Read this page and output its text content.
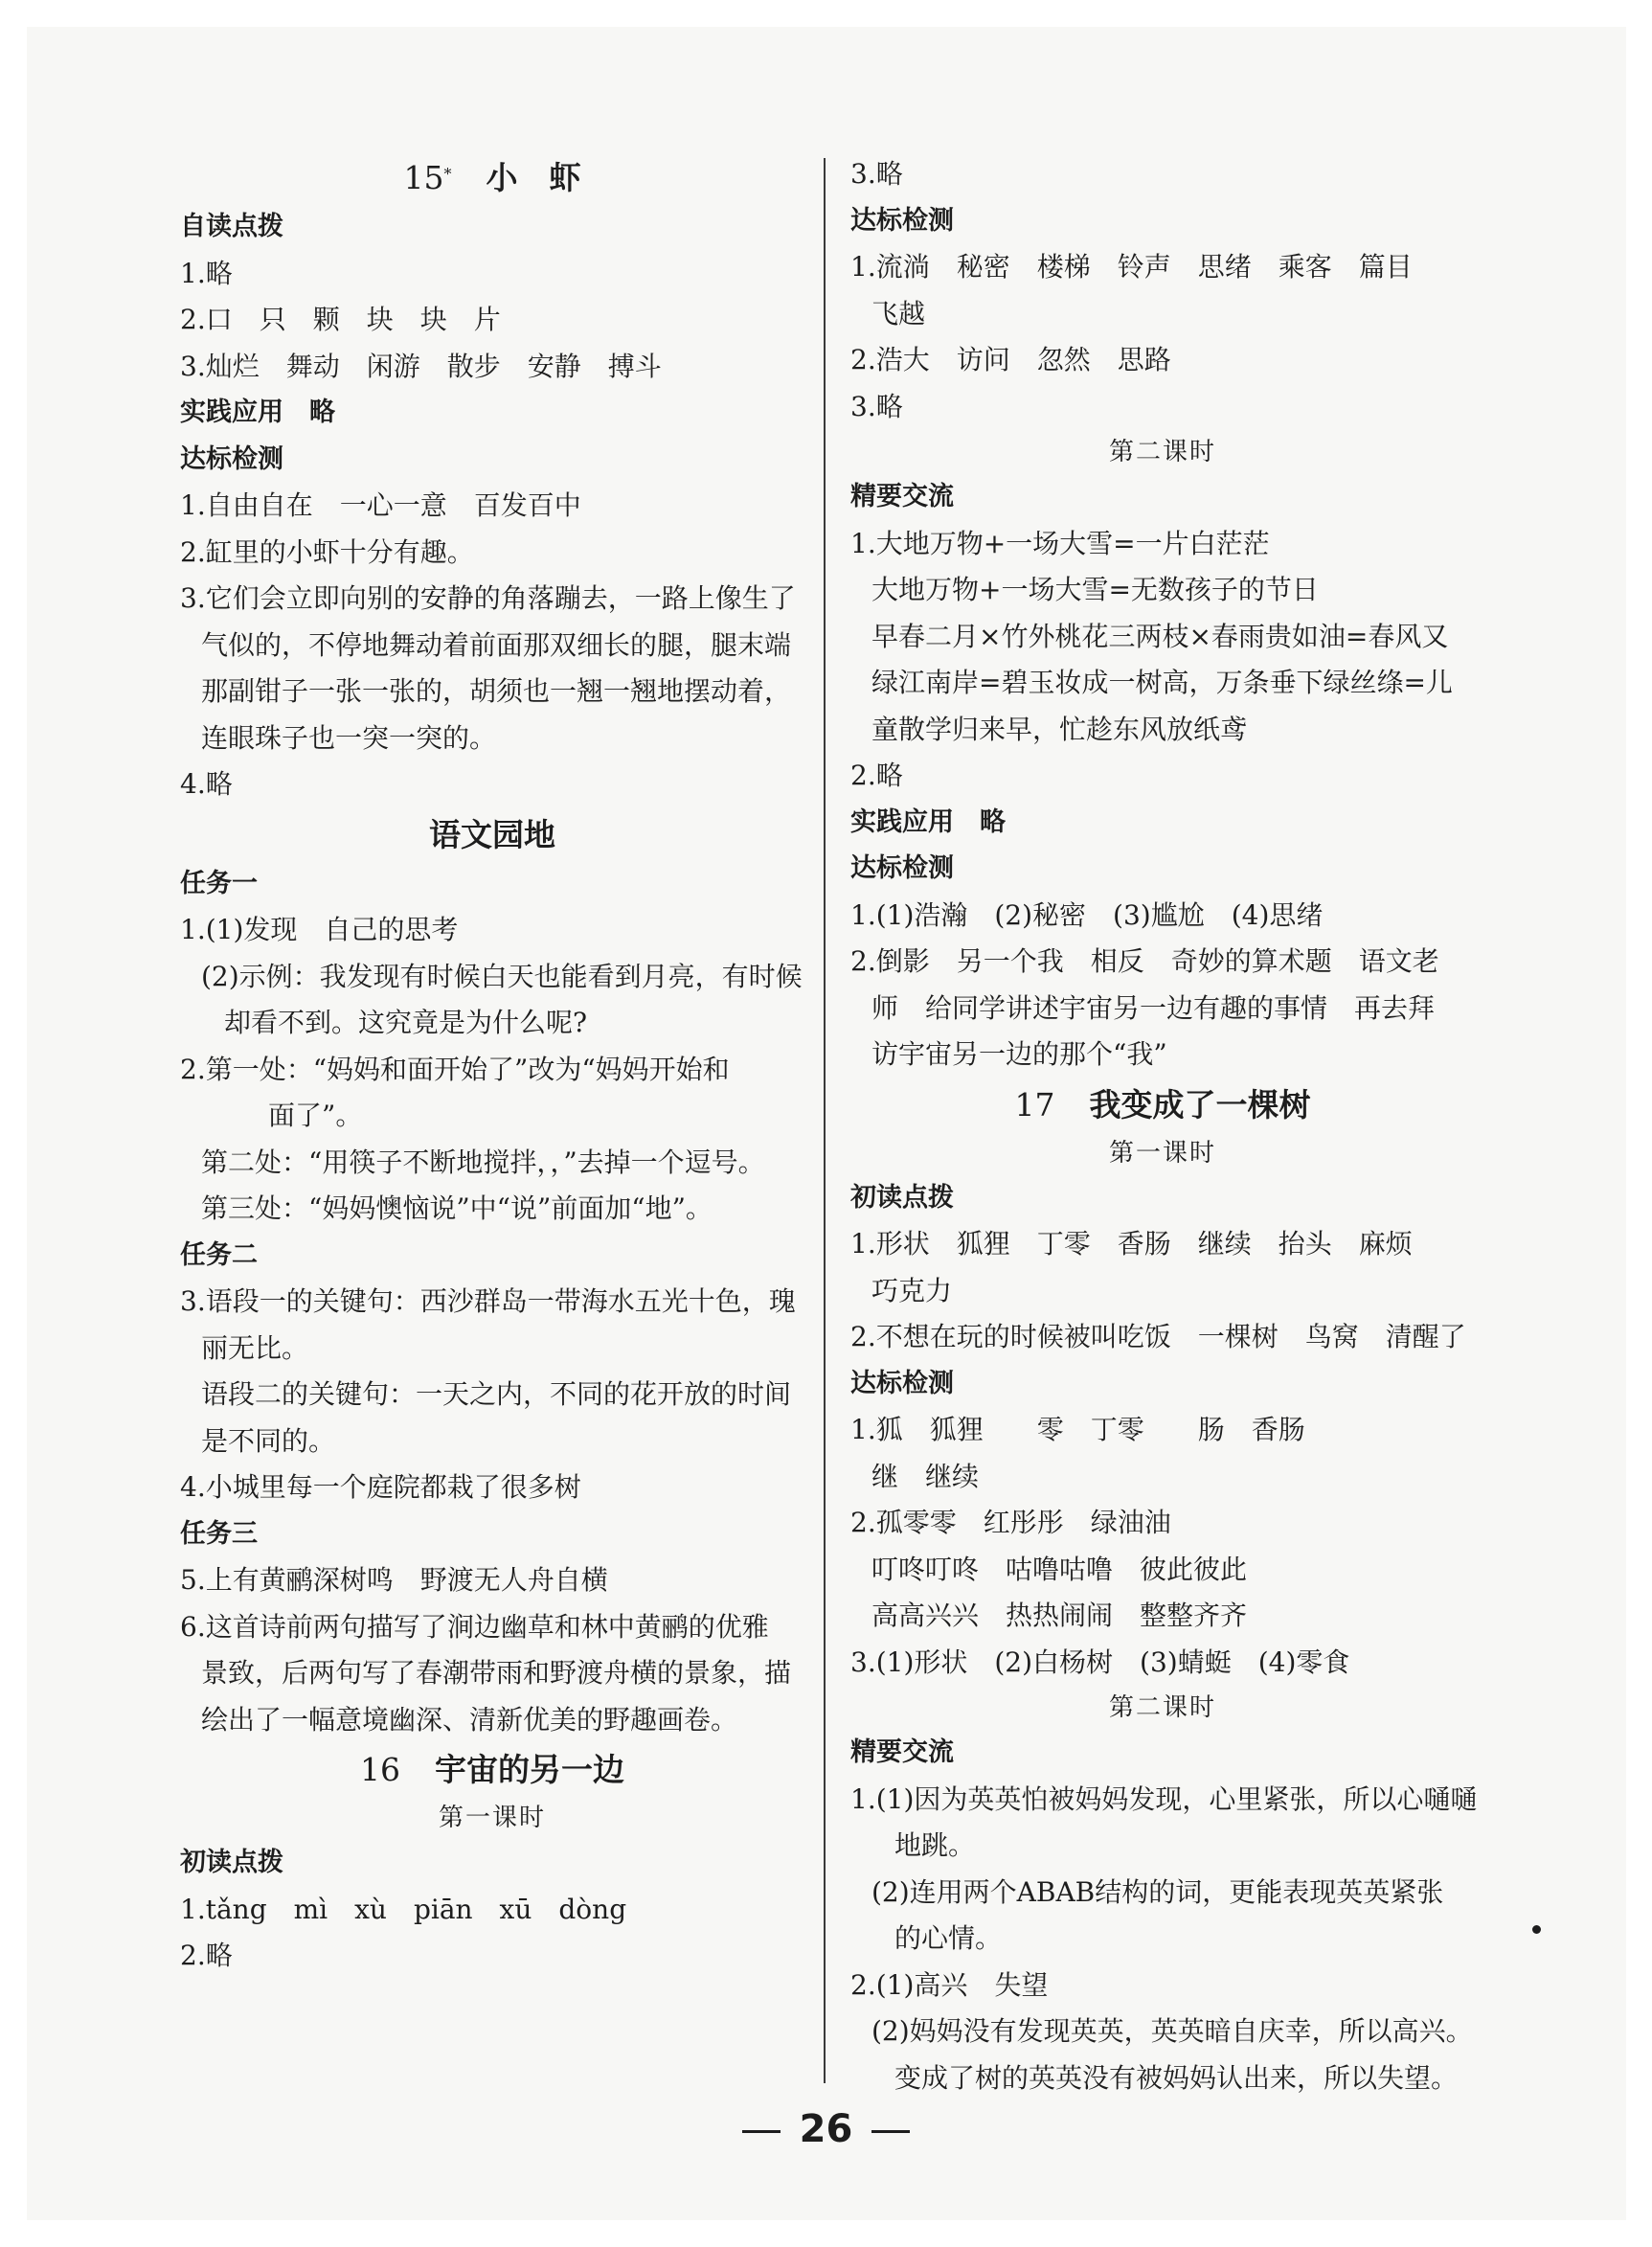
15* 小　虾
自读点拨
1.略
2.口　只　颗　块　块　片
3.灿烂　舞动　闲游　散步　安静　搏斗
实践应用　略
达标检测
1.自由自在　一心一意　百发百中
2.缸里的小虾十分有趣。
3.它们会立即向别的安静的角落蹦去，一路上像生了
气似的，不停地舞动着前面那双细长的腿，腿末端
那副钳子一张一张的，胡须也一翘一翘地摆动着，
连眼珠子也一突一突的。
4.略
语文园地
任务一
1.(1)发现　自己的思考
(2)示例：我发现有时候白天也能看到月亮，有时候
却看不到。这究竟是为什么呢?
2.第一处：“妈妈和面开始了”改为“妈妈开始和
面了”。
第二处：“用筷子不断地搅拌，，”去掉一个逗号。
第三处：“妈妈懊恼说”中“说”前面加“地”。
任务二
3.语段一的关键句：西沙群岛一带海水五光十色，瑰
丽无比。
语段二的关键句：一天之内，不同的花开放的时间
是不同的。
4.小城里每一个庭院都栽了很多树
任务三
5.上有黄鹂深树鸣　野渡无人舟自横
6.这首诗前两句描写了涧边幽草和林中黄鹂的优雅
景致，后两句写了春潮带雨和野渡舟横的景象，描
绘出了一幅意境幽深、清新优美的野趣画卷。
16 宇宙的另一边
第一课时
初读点拨
1.tǎng　mì　xù　piān　xū　dòng
2.略
3.略
达标检测
1.流淌　秘密　楼梯　铃声　思绪　乘客　篇目
飞越
2.浩大　访问　忽然　思路
3.略
第二课时
精要交流
1.大地万物+一场大雪=一片白茫茫
大地万物+一场大雪=无数孩子的节日
早春二月×竹外桃花三两枝×春雨贵如油=春风又
绿江南岸=碧玉妆成一树高，万条垂下绿丝绦=儿
童散学归来早，忙趁东风放纸鸢
2.略
实践应用　略
达标检测
1.(1)浩瀚　(2)秘密　(3)尴尬　(4)思绪
2.倒影　另一个我　相反　奇妙的算术题　语文老
师　给同学讲述宇宙另一边有趣的事情　再去拜
访宇宙另一边的那个“我”
17 我变成了一棵树
第一课时
初读点拨
1.形状　狐狸　丁零　香肠　继续　抬头　麻烦
巧克力
2.不想在玩的时候被叫吃饭　一棵树　鸟窝　清醒了
达标检测
1.狐　狐狸　　零　丁零　　肠　香肠
继　继续
2.孤零零　红彤彤　绿油油
叮咚叮咚　咕噜咕噜　彼此彼此
高高兴兴　热热闹闹　整整齐齐
3.(1)形状　(2)白杨树　(3)蜻蜓　(4)零食
第二课时
精要交流
1.(1)因为英英怕被妈妈发现，心里紧张，所以心嗵嗵
地跳。
(2)连用两个ABAB结构的词，更能表现英英紧张
的心情。
2.(1)高兴　失望
(2)妈妈没有发现英英，英英暗自庆幸，所以高兴。
变成了树的英英没有被妈妈认出来，所以失望。
26
